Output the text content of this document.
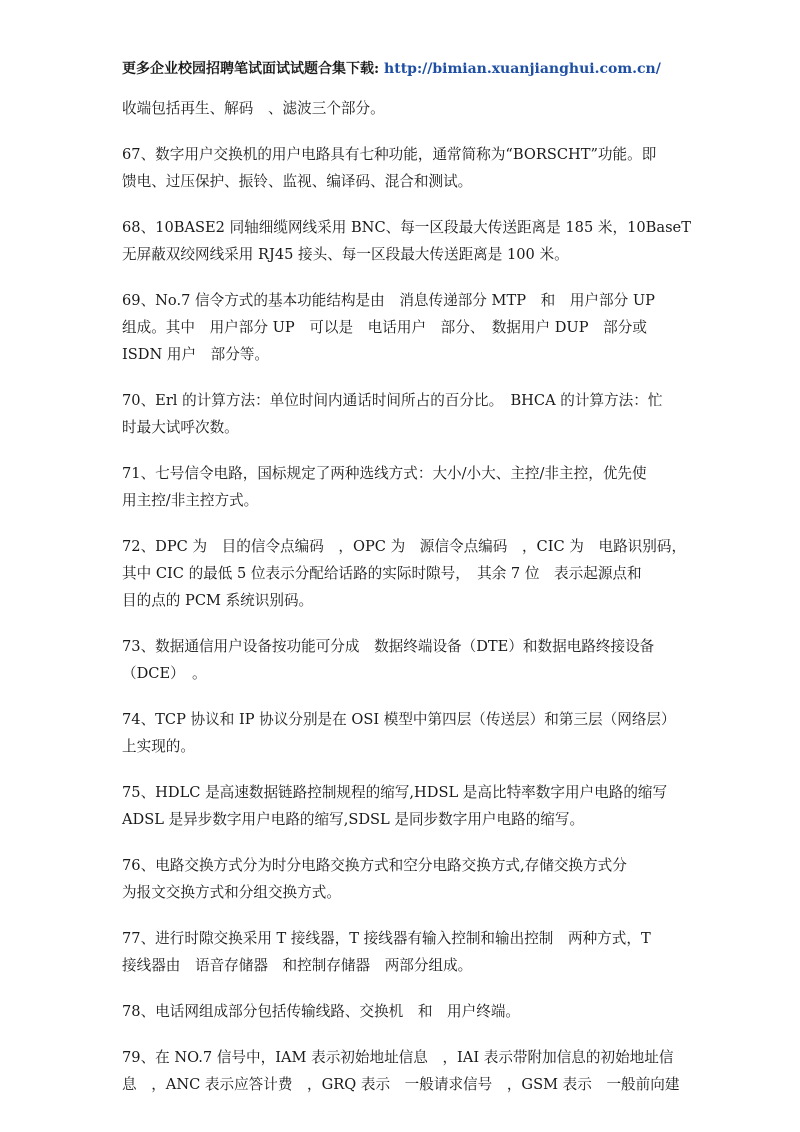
更多企业校园招聘笔试面试试题合集下载: http://bimian.xuanjianghui.com.cn/
收端包括再生、解码　、滤波三个部分。
67、数字用户交换机的用户电路具有七种功能，通常简称为“BORSCHT”功能。即
馈电、过压保护、振铃、监视、编译码、混合和测试。
68、10BASE2 同轴细缆网线采用 BNC、每一区段最大传送距离是 185 米，10BaseT
无屏蔽双绞网线采用 RJ45 接头、每一区段最大传送距离是 100 米。
69、No.7 信令方式的基本功能结构是由　消息传递部分 MTP　和　用户部分 UP
组成。其中　用户部分 UP　可以是　电话用户　部分、　数据用户 DUP　部分或
ISDN 用户　部分等。
70、Erl 的计算方法：单位时间内通话时间所占的百分比。　BHCA 的计算方法：忙
时最大试呼次数。
71、七号信令电路，国标规定了两种选线方式：大小/小大、主控/非主控，优先使
用主控/非主控方式。
72、DPC 为　目的信令点编码　，OPC 为　源信令点编码　，CIC 为　电路识别码，
其中 CIC 的最低 5 位表示分配给话路的实际时隙号，　其余 7 位　表示起源点和
目的点的 PCM 系统识别码。
73、数据通信用户设备按功能可分成　数据终端设备（DTE）和数据电路终接设备
（DCE）　。
74、TCP 协议和 IP 协议分别是在 OSI 模型中第四层（传送层）和第三层（网络层）
上实现的。
75、HDLC 是高速数据链路控制规程的缩写,HDSL 是高比特率数字用户电路的缩写
ADSL 是异步数字用户电路的缩写,SDSL 是同步数字用户电路的缩写。
76、电路交换方式分为时分电路交换方式和空分电路交换方式,存储交换方式分
为报文交换方式和分组交换方式。
77、进行时隙交换采用 T 接线器，T 接线器有输入控制和输出控制　两种方式，T
接线器由　语音存储器　和控制存储器　两部分组成。
78、电话网组成部分包括传输线路、交换机　和　用户终端。
79、在 NO.7 信号中，IAM 表示初始地址信息　，IAI 表示带附加信息的初始地址信
息　，ANC 表示应答计费　，GRQ 表示　一般请求信号　，GSM 表示　一般前向建
